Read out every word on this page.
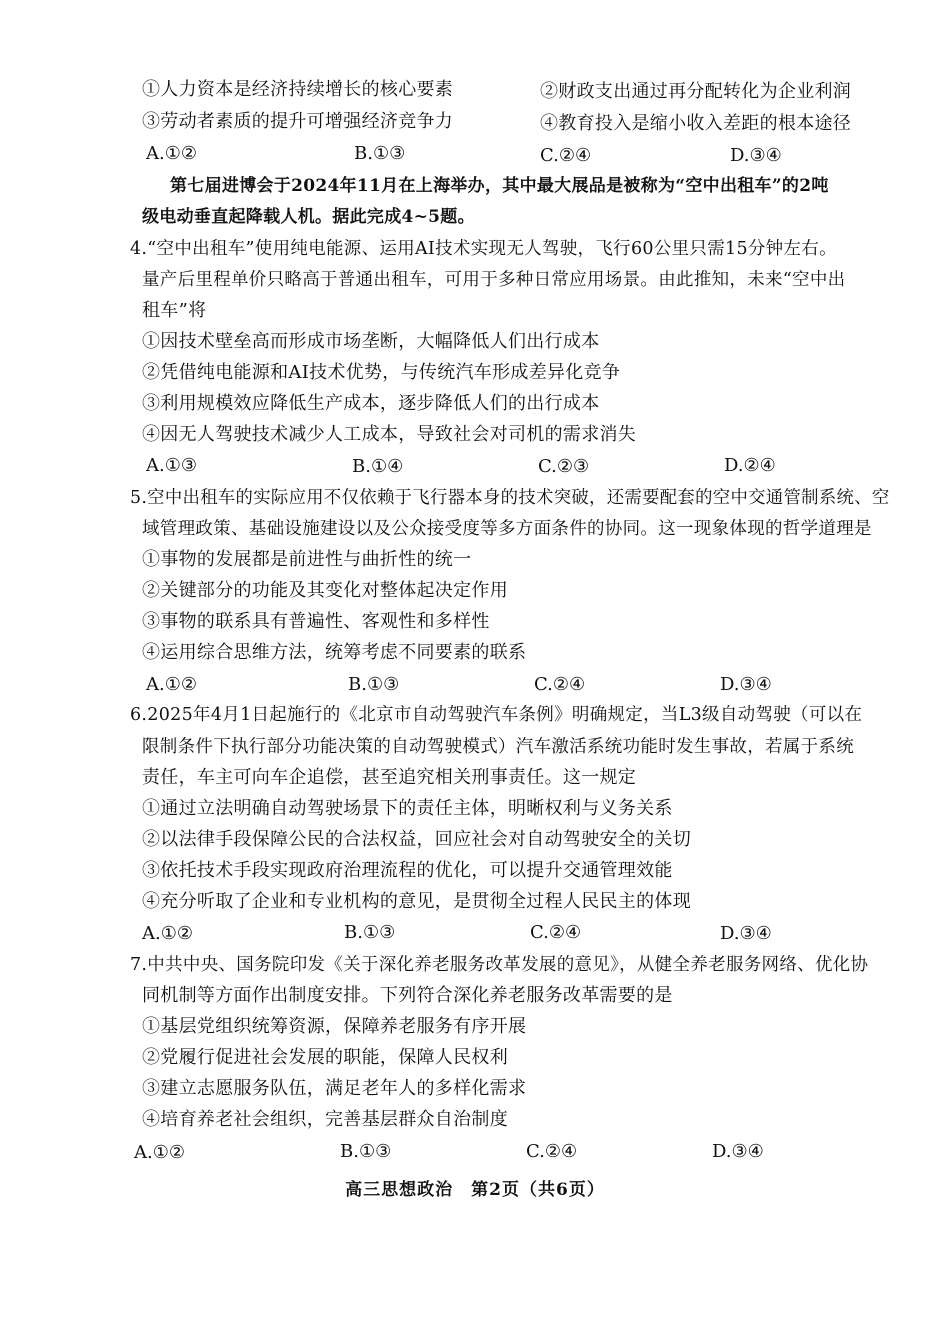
①人力资本是经济持续增长的核心要素	②财政支出通过再分配转化为企业利润
③劳动者素质的提升可增强经济竞争力	④教育投入是缩小收入差距的根本途径
A.①②	B.①③	C.②④	D.③④
第七届进博会于2024年11月在上海举办，其中最大展品是被称为“空中出租车”的2吨
级电动垂直起降载人机。据此完成4~5题。
4.“空中出租车”使用纯电能源、运用AI技术实现无人驾驶，飞行60公里只需15分钟左右。
量产后里程单价只略高于普通出租车，可用于多种日常应用场景。由此推知，未来“空中出
租车”将
①因技术壁垒高而形成市场垄断，大幅降低人们出行成本
②凭借纯电能源和AI技术优势，与传统汽车形成差异化竞争
③利用规模效应降低生产成本，逐步降低人们的出行成本
④因无人驾驶技术减少人工成本，导致社会对司机的需求消失
A.①③	B.①④	C.②③	D.②④
5.空中出租车的实际应用不仅依赖于飞行器本身的技术突破，还需要配套的空中交通管制系统、空
域管理政策、基础设施建设以及公众接受度等多方面条件的协同。这一现象体现的哲学道理是
①事物的发展都是前进性与曲折性的统一
②关键部分的功能及其变化对整体起决定作用
③事物的联系具有普遍性、客观性和多样性
④运用综合思维方法，统筹考虑不同要素的联系
A.①②	B.①③	C.②④	D.③④
6.2025年4月1日起施行的《北京市自动驾驶汽车条例》明确规定，当L3级自动驾驶（可以在
限制条件下执行部分功能决策的自动驾驶模式）汽车激活系统功能时发生事故，若属于系统
责任，车主可向车企追偿，甚至追究相关刑事责任。这一规定
①通过立法明确自动驾驶场景下的责任主体，明晰权利与义务关系
②以法律手段保障公民的合法权益，回应社会对自动驾驶安全的关切
③依托技术手段实现政府治理流程的优化，可以提升交通管理效能
④充分听取了企业和专业机构的意见，是贯彻全过程人民民主的体现
A.①②	B.①③	C.②④	D.③④
7.中共中央、国务院印发《关于深化养老服务改革发展的意见》，从健全养老服务网络、优化协
同机制等方面作出制度安排。下列符合深化养老服务改革需要的是
①基层党组织统筹资源，保障养老服务有序开展
②党履行促进社会发展的职能，保障人民权利
③建立志愿服务队伍，满足老年人的多样化需求
④培育养老社会组织，完善基层群众自治制度
A.①②	B.①③	C.②④	D.③④
高三思想政治　第2页（共6页）
